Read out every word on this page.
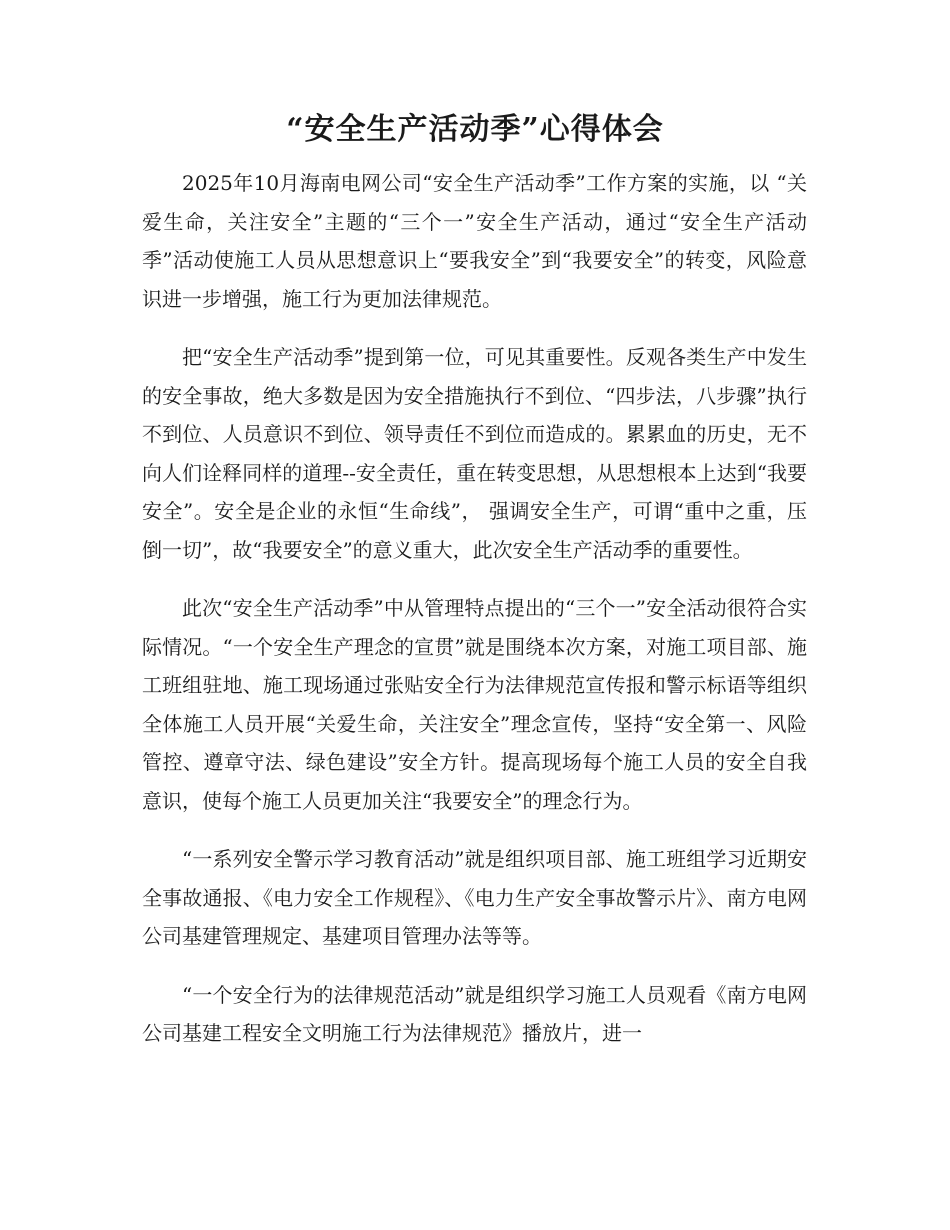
“安全生产活动季”心得体会

2025年10月海南电网公司“安全生产活动季”工作方案的实施，以 “关爱生命，关注安全”主题的“三个一”安全生产活动，通过“安全生产活动季”活动使施工人员从思想意识上“要我安全”到“我要安全”的转变，风险意识进一步增强，施工行为更加法律规范。

把“安全生产活动季”提到第一位，可见其重要性。反观各类生产中发生的安全事故，绝大多数是因为安全措施执行不到位、“四步法，八步骤”执行不到位、人员意识不到位、领导责任不到位而造成的。累累血的历史，无不向人们诠释同样的道理--安全责任，重在转变思想，从思想根本上达到“我要安全”。安全是企业的永恒“生命线”， 强调安全生产，可谓“重中之重，压倒一切”，故“我要安全”的意义重大，此次安全生产活动季的重要性。

此次“安全生产活动季”中从管理特点提出的“三个一”安全活动很符合实际情况。“一个安全生产理念的宣贯”就是围绕本次方案，对施工项目部、施工班组驻地、施工现场通过张贴安全行为法律规范宣传报和警示标语等组织全体施工人员开展“关爱生命，关注安全”理念宣传，坚持“安全第一、风险管控、遵章守法、绿色建设”安全方针。提高现场每个施工人员的安全自我意识，使每个施工人员更加关注“我要安全”的理念行为。

“一系列安全警示学习教育活动”就是组织项目部、施工班组学习近期安全事故通报、《电力安全工作规程》、《电力生产安全事故警示片》、南方电网公司基建管理规定、基建项目管理办法等等。

“一个安全行为的法律规范活动”就是组织学习施工人员观看《南方电网公司基建工程安全文明施工行为法律规范》播放片，进一
